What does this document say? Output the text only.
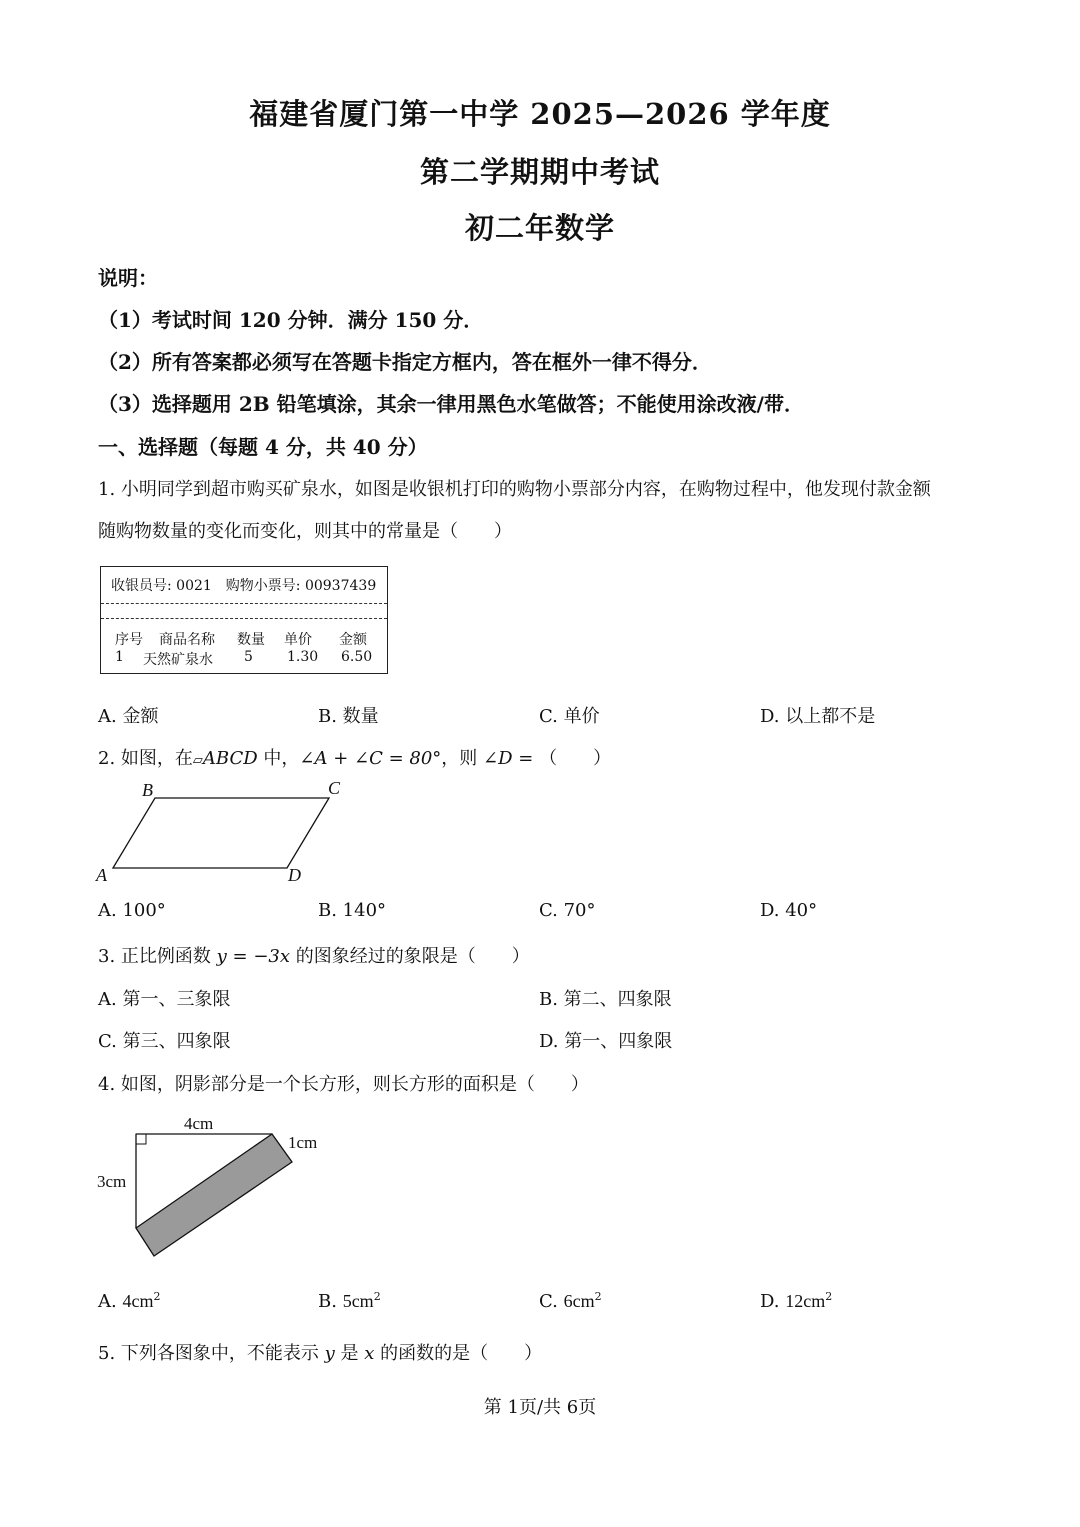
福建省厦门第一中学 2025—2026 学年度
第二学期期中考试
初二年数学
说明：
（1）考试时间 120 分钟．满分 150 分．
（2）所有答案都必须写在答题卡指定方框内，答在框外一律不得分．
（3）选择题用 2B 铅笔填涂，其余一律用黑色水笔做答；不能使用涂改液/带．
一、选择题（每题 4 分，共 40 分）
1. 小明同学到超市购买矿泉水，如图是收银机打印的购物小票部分内容，在购物过程中，他发现付款金额
随购物数量的变化而变化，则其中的常量是（　　）
收银员号: 0021　购物小票号: 00937439
序号 商品名称 数量 单价 金额
1 天然矿泉水 5 1.30 6.50
A. 金额	B. 数量	C. 单价	D. 以上都不是
2. 如图，在▱ABCD 中，∠A + ∠C = 80°，则 ∠D = （　　）
A
B	C
D
A. 100°	B. 140°	C. 70°	D. 40°
3. 正比例函数 y = −3x 的图象经过的象限是（　　）
A. 第一、三象限	B. 第二、四象限
C. 第三、四象限	D. 第一、四象限
4. 如图，阴影部分是一个长方形，则长方形的面积是（　　）
4cm
3cm
1cm
A. $4cm^2$	B. $5cm^2$	C. $6cm^2$	D. $12cm^2$
5. 下列各图象中，不能表示 y 是 x 的函数的是（　　）
第 1页/共 6页
